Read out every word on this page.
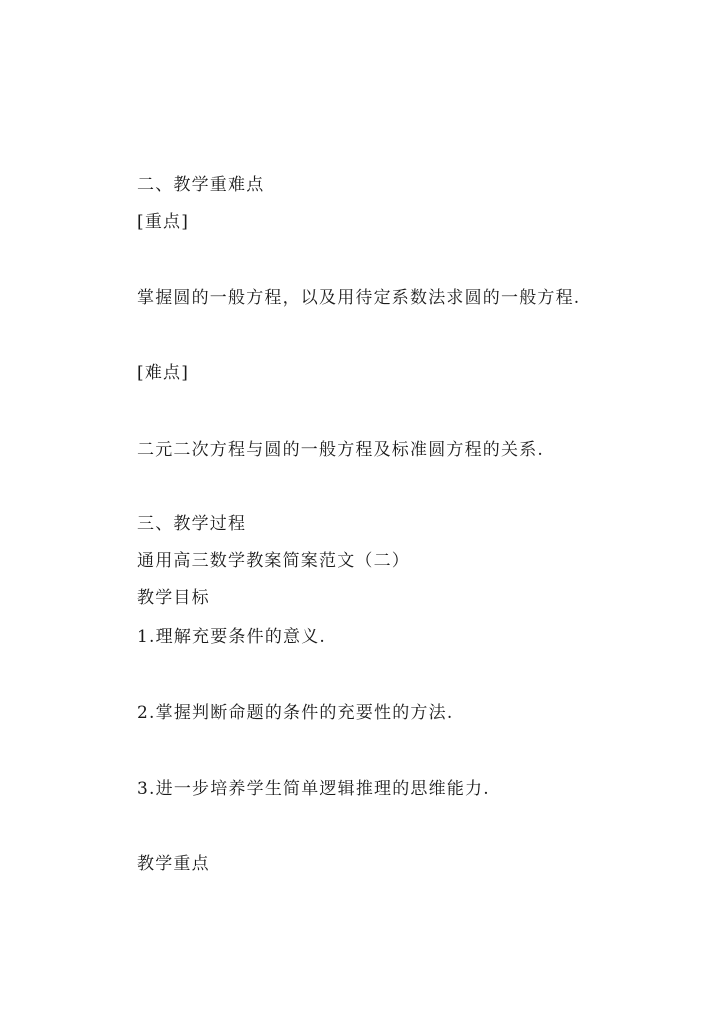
二、教学重难点
[重点]
掌握圆的一般方程，以及用待定系数法求圆的一般方程.
[难点]
二元二次方程与圆的一般方程及标准圆方程的关系.
三、教学过程
通用高三数学教案简案范文（二）
教学目标
1.理解充要条件的意义.
2.掌握判断命题的条件的充要性的方法.
3.进一步培养学生简单逻辑推理的思维能力.
教学重点
